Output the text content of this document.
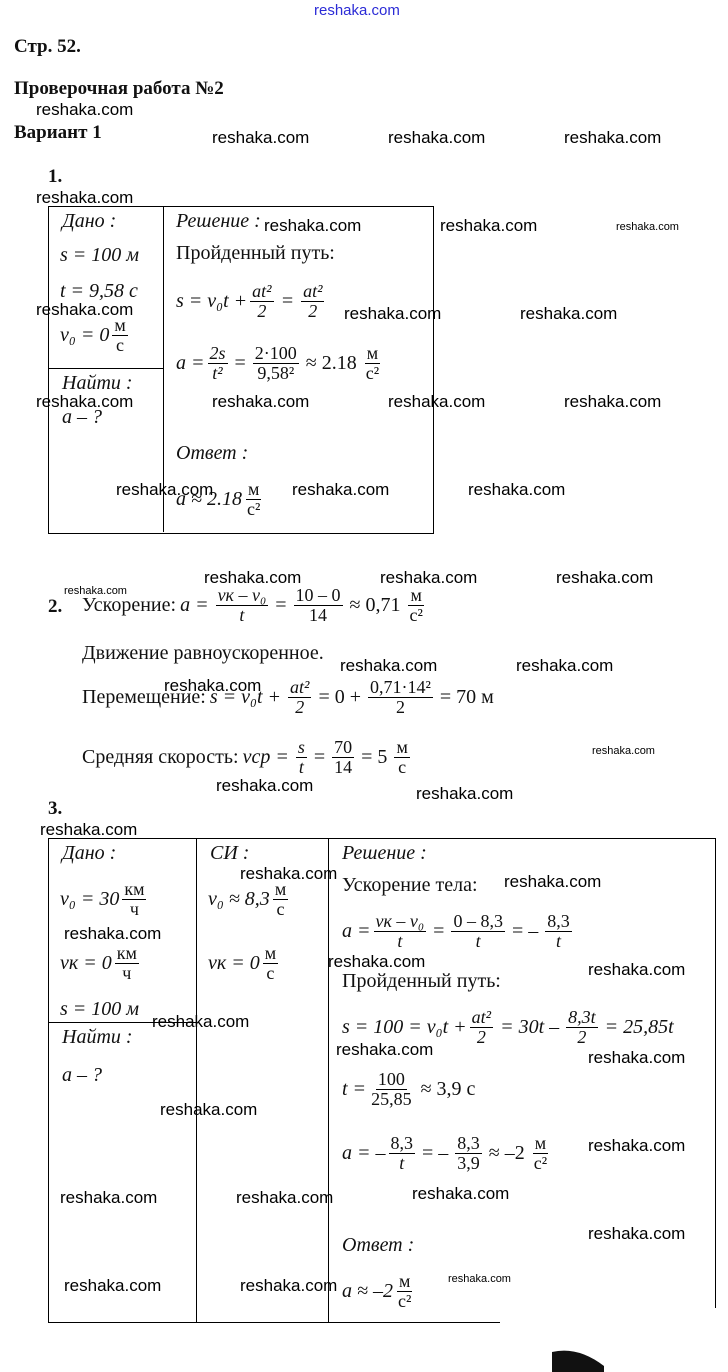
reshaka.com
Стр. 52.
Проверочная работа №2
Вариант 1
1.
Дано :
s = 100 м
t = 9,58 с
$v_0 = 0 \frac{м}{с}$
Найти :
a – ?
Решение :
Пройденный путь:
$s = v_0t + \frac{\text{at²}}{2} = \frac{\text{at²}}{2}$
$a = \frac{2s}{\text{t²}} = \frac{2\cdot 100}{\text{9,58²}} \approx 2.18 \frac{м}{\text{с²}}$
Ответ :
$a \approx 2.18 \frac{м}{\text{с²}}$
2. Ускорение: $a = \frac{\text{vк – v₀}}{t} = \frac{10 - 0}{14} \approx 0,71 \frac{м}{\text{с²}}$
Движение равноускоренное.
Перемещение: $s = v_0t + \frac{\text{at²}}{2} = 0 + \frac{\text{0,71·14²}}{2} = 70$ м
Средняя скорость: vср = $\frac{s}{t} = \frac{70}{14} = 5 \frac{м}{с}$
3.
Дано :
$v_0 = 30 \frac{км}{ч}$
vк = $0 \frac{км}{ч}$
s = 100 м
Найти :
a – ?
СИ :
$v_0 \approx 8,3 \frac{м}{с}$
vк = $0 \frac{м}{с}$
Решение :
Ускорение тела:
$a = \frac{\text{vк – v₀}}{t} = \frac{0 - 8,3}{t}$ = – $\frac{8,3}{t}$
Пройденный путь:
$s = 100 = v_0t + \frac{\text{at²}}{2} = 30t - \frac{8,3t}{2} = 25,85t$
$t = \frac{100}{25,85} \approx 3,9$ с
a = – $\frac{8,3}{t}$ = – $\frac{8,3}{3,9} \approx -2 \frac{м}{\text{с²}}$
Ответ :
$a \approx -2 \frac{м}{\text{с²}}$
reshaka.com
reshaka.com	reshaka.com	reshaka.com
reshaka.com
reshaka.com	reshaka.com	reshaka.com
reshaka.com	reshaka.com	reshaka.com
reshaka.com	reshaka.com	reshaka.com	reshaka.com
reshaka.com	reshaka.com	reshaka.com
reshaka.com	reshaka.com	reshaka.com
reshaka.com
reshaka.com	reshaka.com
reshaka.com
reshaka.com
reshaka.com	reshaka.com
reshaka.com
reshaka.com	reshaka.com
reshaka.com
reshaka.com	reshaka.com
reshaka.com
reshaka.com	reshaka.com
reshaka.com
reshaka.com
reshaka.com	reshaka.com	reshaka.com
reshaka.com
reshaka.com	reshaka.com	reshaka.com
